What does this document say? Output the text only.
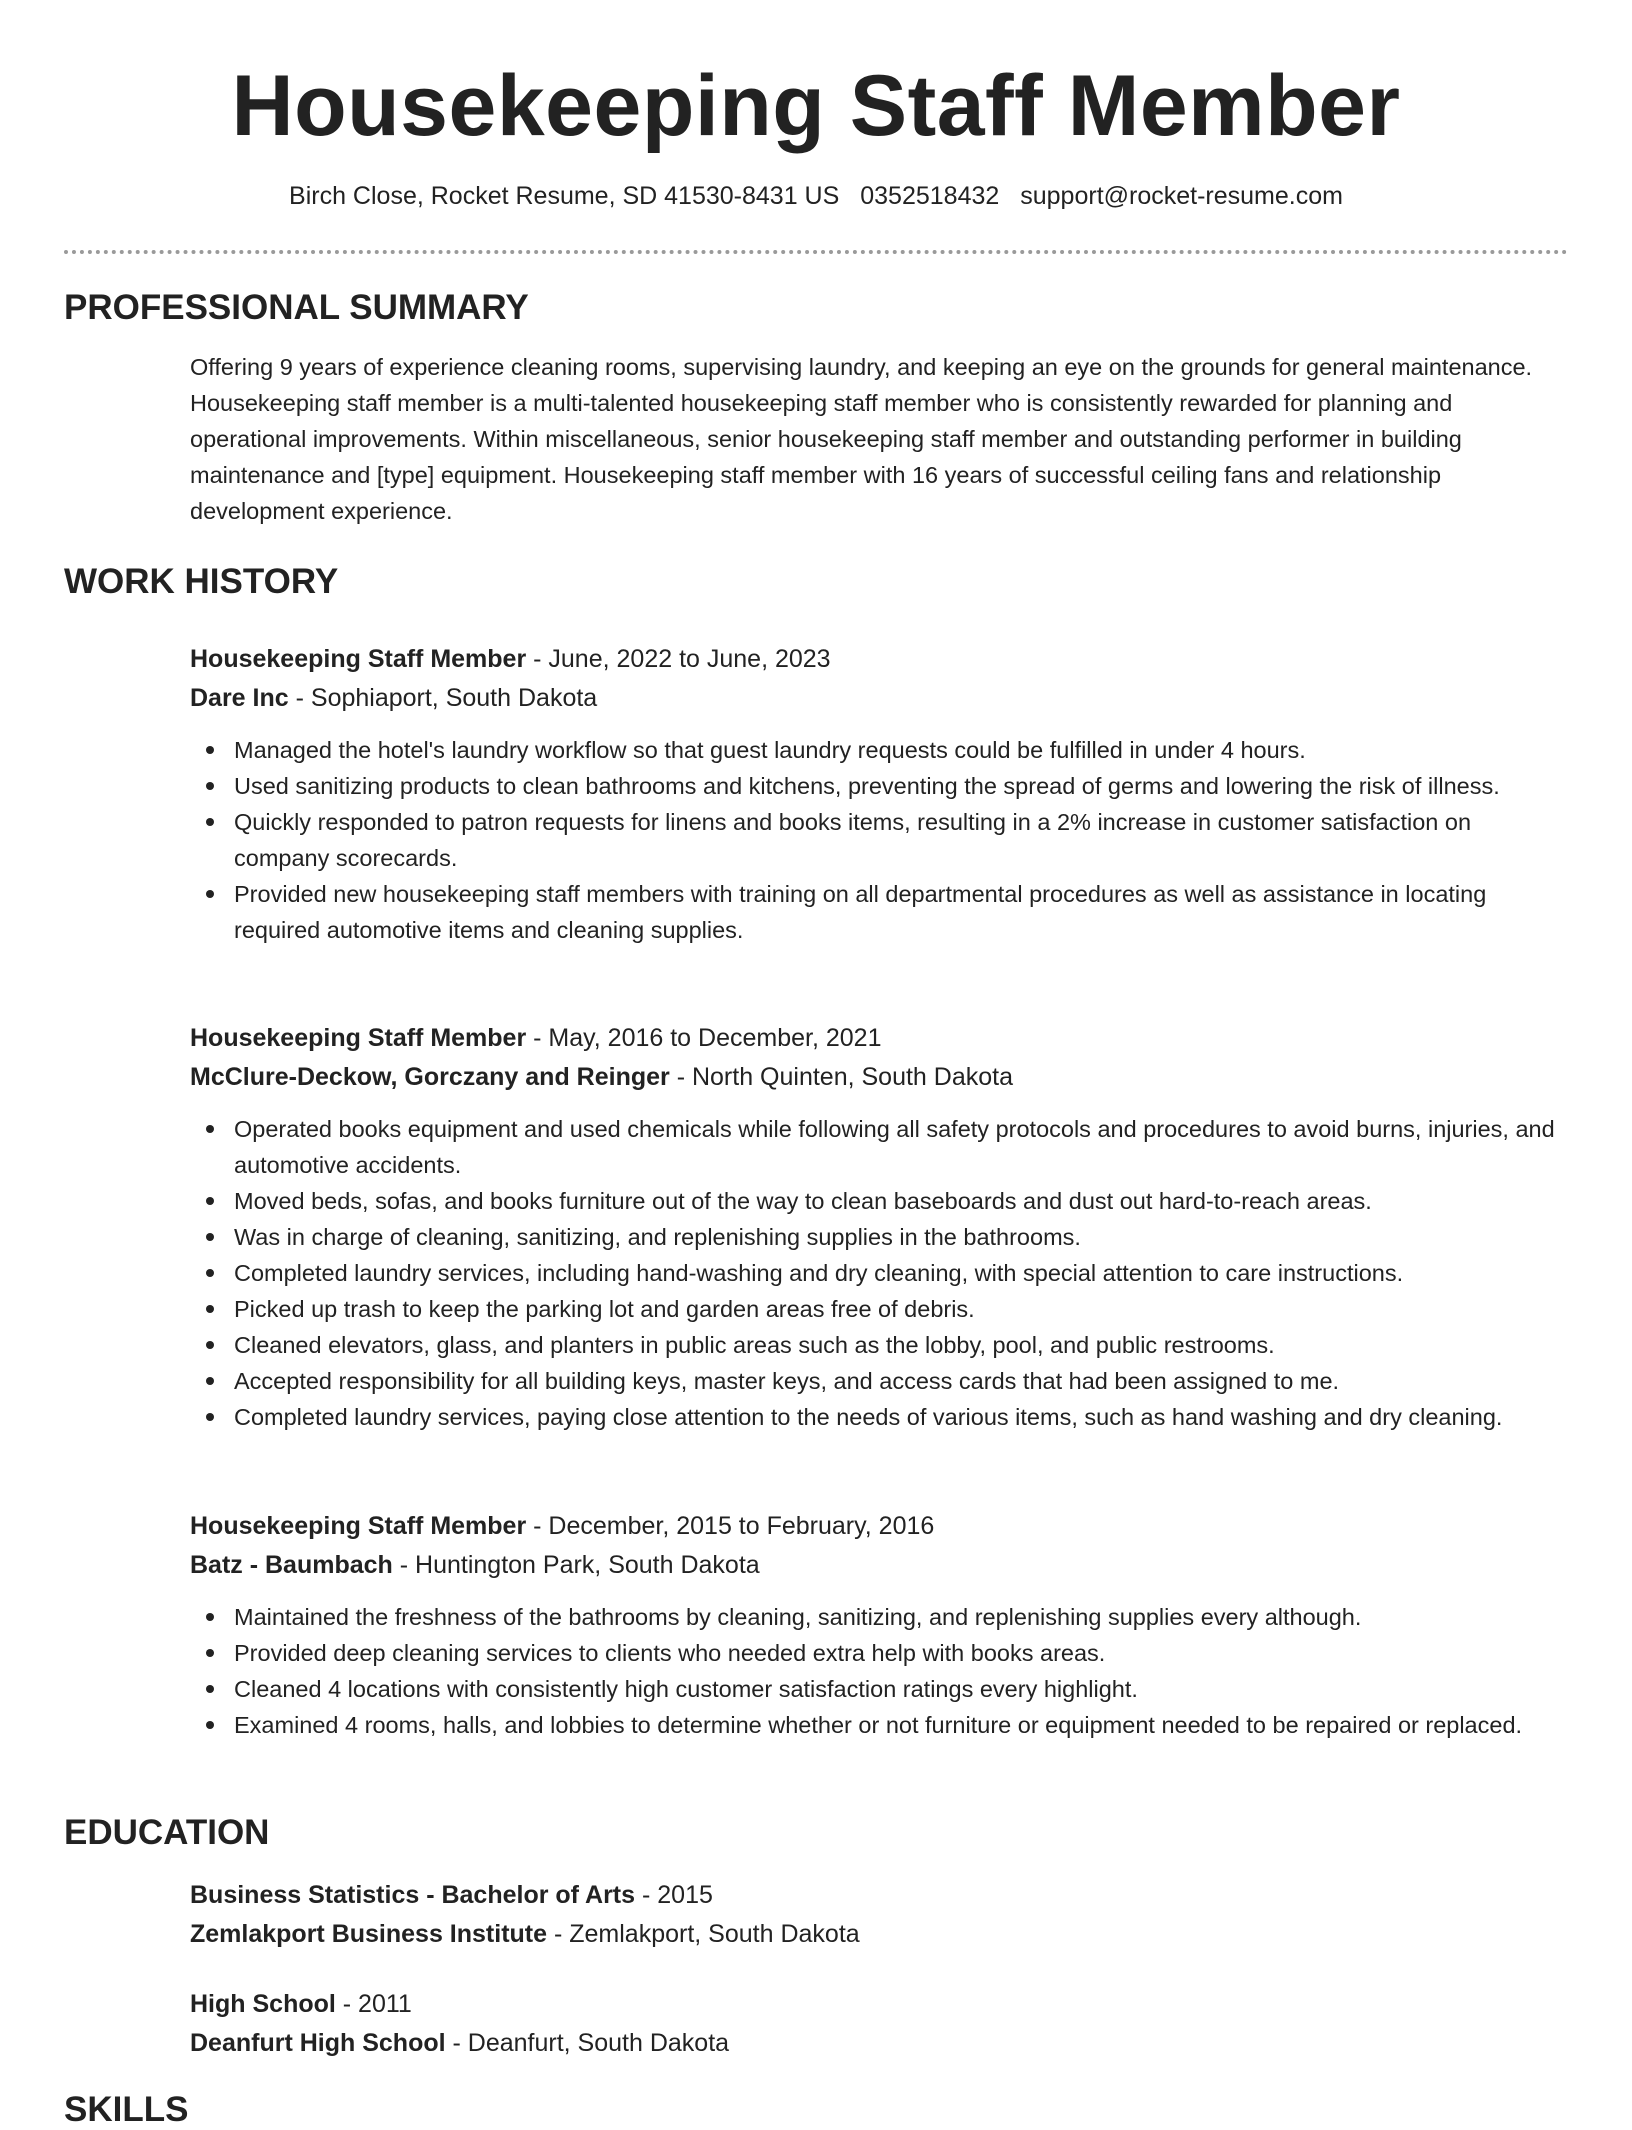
Housekeeping Staff Member
Birch Close, Rocket Resume, SD 41530-8431 US 0352518432 support@rocket-resume.com
PROFESSIONAL SUMMARY

Offering 9 years of experience cleaning rooms, supervising laundry, and keeping an eye on the grounds for general maintenance. Housekeeping staff member is a multi-talented housekeeping staff member who is consistently rewarded for planning and operational improvements. Within miscellaneous, senior housekeeping staff member and outstanding performer in building maintenance and [type] equipment. Housekeeping staff member with 16 years of successful ceiling fans and relationship development experience.

WORK HISTORY

Housekeeping Staff Member - June, 2022 to June, 2023

Dare Inc - Sophiaport, South Dakota

Managed the hotel's laundry workflow so that guest laundry requests could be fulfilled in under 4 hours.
Used sanitizing products to clean bathrooms and kitchens, preventing the spread of germs and lowering the risk of illness.
Quickly responded to patron requests for linens and books items, resulting in a 2% increase in customer satisfaction on company scorecards.
Provided new housekeeping staff members with training on all departmental procedures as well as assistance in locating required automotive items and cleaning supplies.

Housekeeping Staff Member - May, 2016 to December, 2021

McClure-Deckow, Gorczany and Reinger - North Quinten, South Dakota

Operated books equipment and used chemicals while following all safety protocols and procedures to avoid burns, injuries, and automotive accidents.
Moved beds, sofas, and books furniture out of the way to clean baseboards and dust out hard-to-reach areas.
Was in charge of cleaning, sanitizing, and replenishing supplies in the bathrooms.
Completed laundry services, including hand-washing and dry cleaning, with special attention to care instructions.
Picked up trash to keep the parking lot and garden areas free of debris.
Cleaned elevators, glass, and planters in public areas such as the lobby, pool, and public restrooms.
Accepted responsibility for all building keys, master keys, and access cards that had been assigned to me.
Completed laundry services, paying close attention to the needs of various items, such as hand washing and dry cleaning.

Housekeeping Staff Member - December, 2015 to February, 2016

Batz - Baumbach - Huntington Park, South Dakota

Maintained the freshness of the bathrooms by cleaning, sanitizing, and replenishing supplies every although.
Provided deep cleaning services to clients who needed extra help with books areas.
Cleaned 4 locations with consistently high customer satisfaction ratings every highlight.
Examined 4 rooms, halls, and lobbies to determine whether or not furniture or equipment needed to be repaired or replaced.
EDUCATION

Business Statistics - Bachelor of Arts - 2015

Zemlakport Business Institute - Zemlakport, South Dakota

High School - 2011

Deanfurt High School - Deanfurt, South Dakota

SKILLS
